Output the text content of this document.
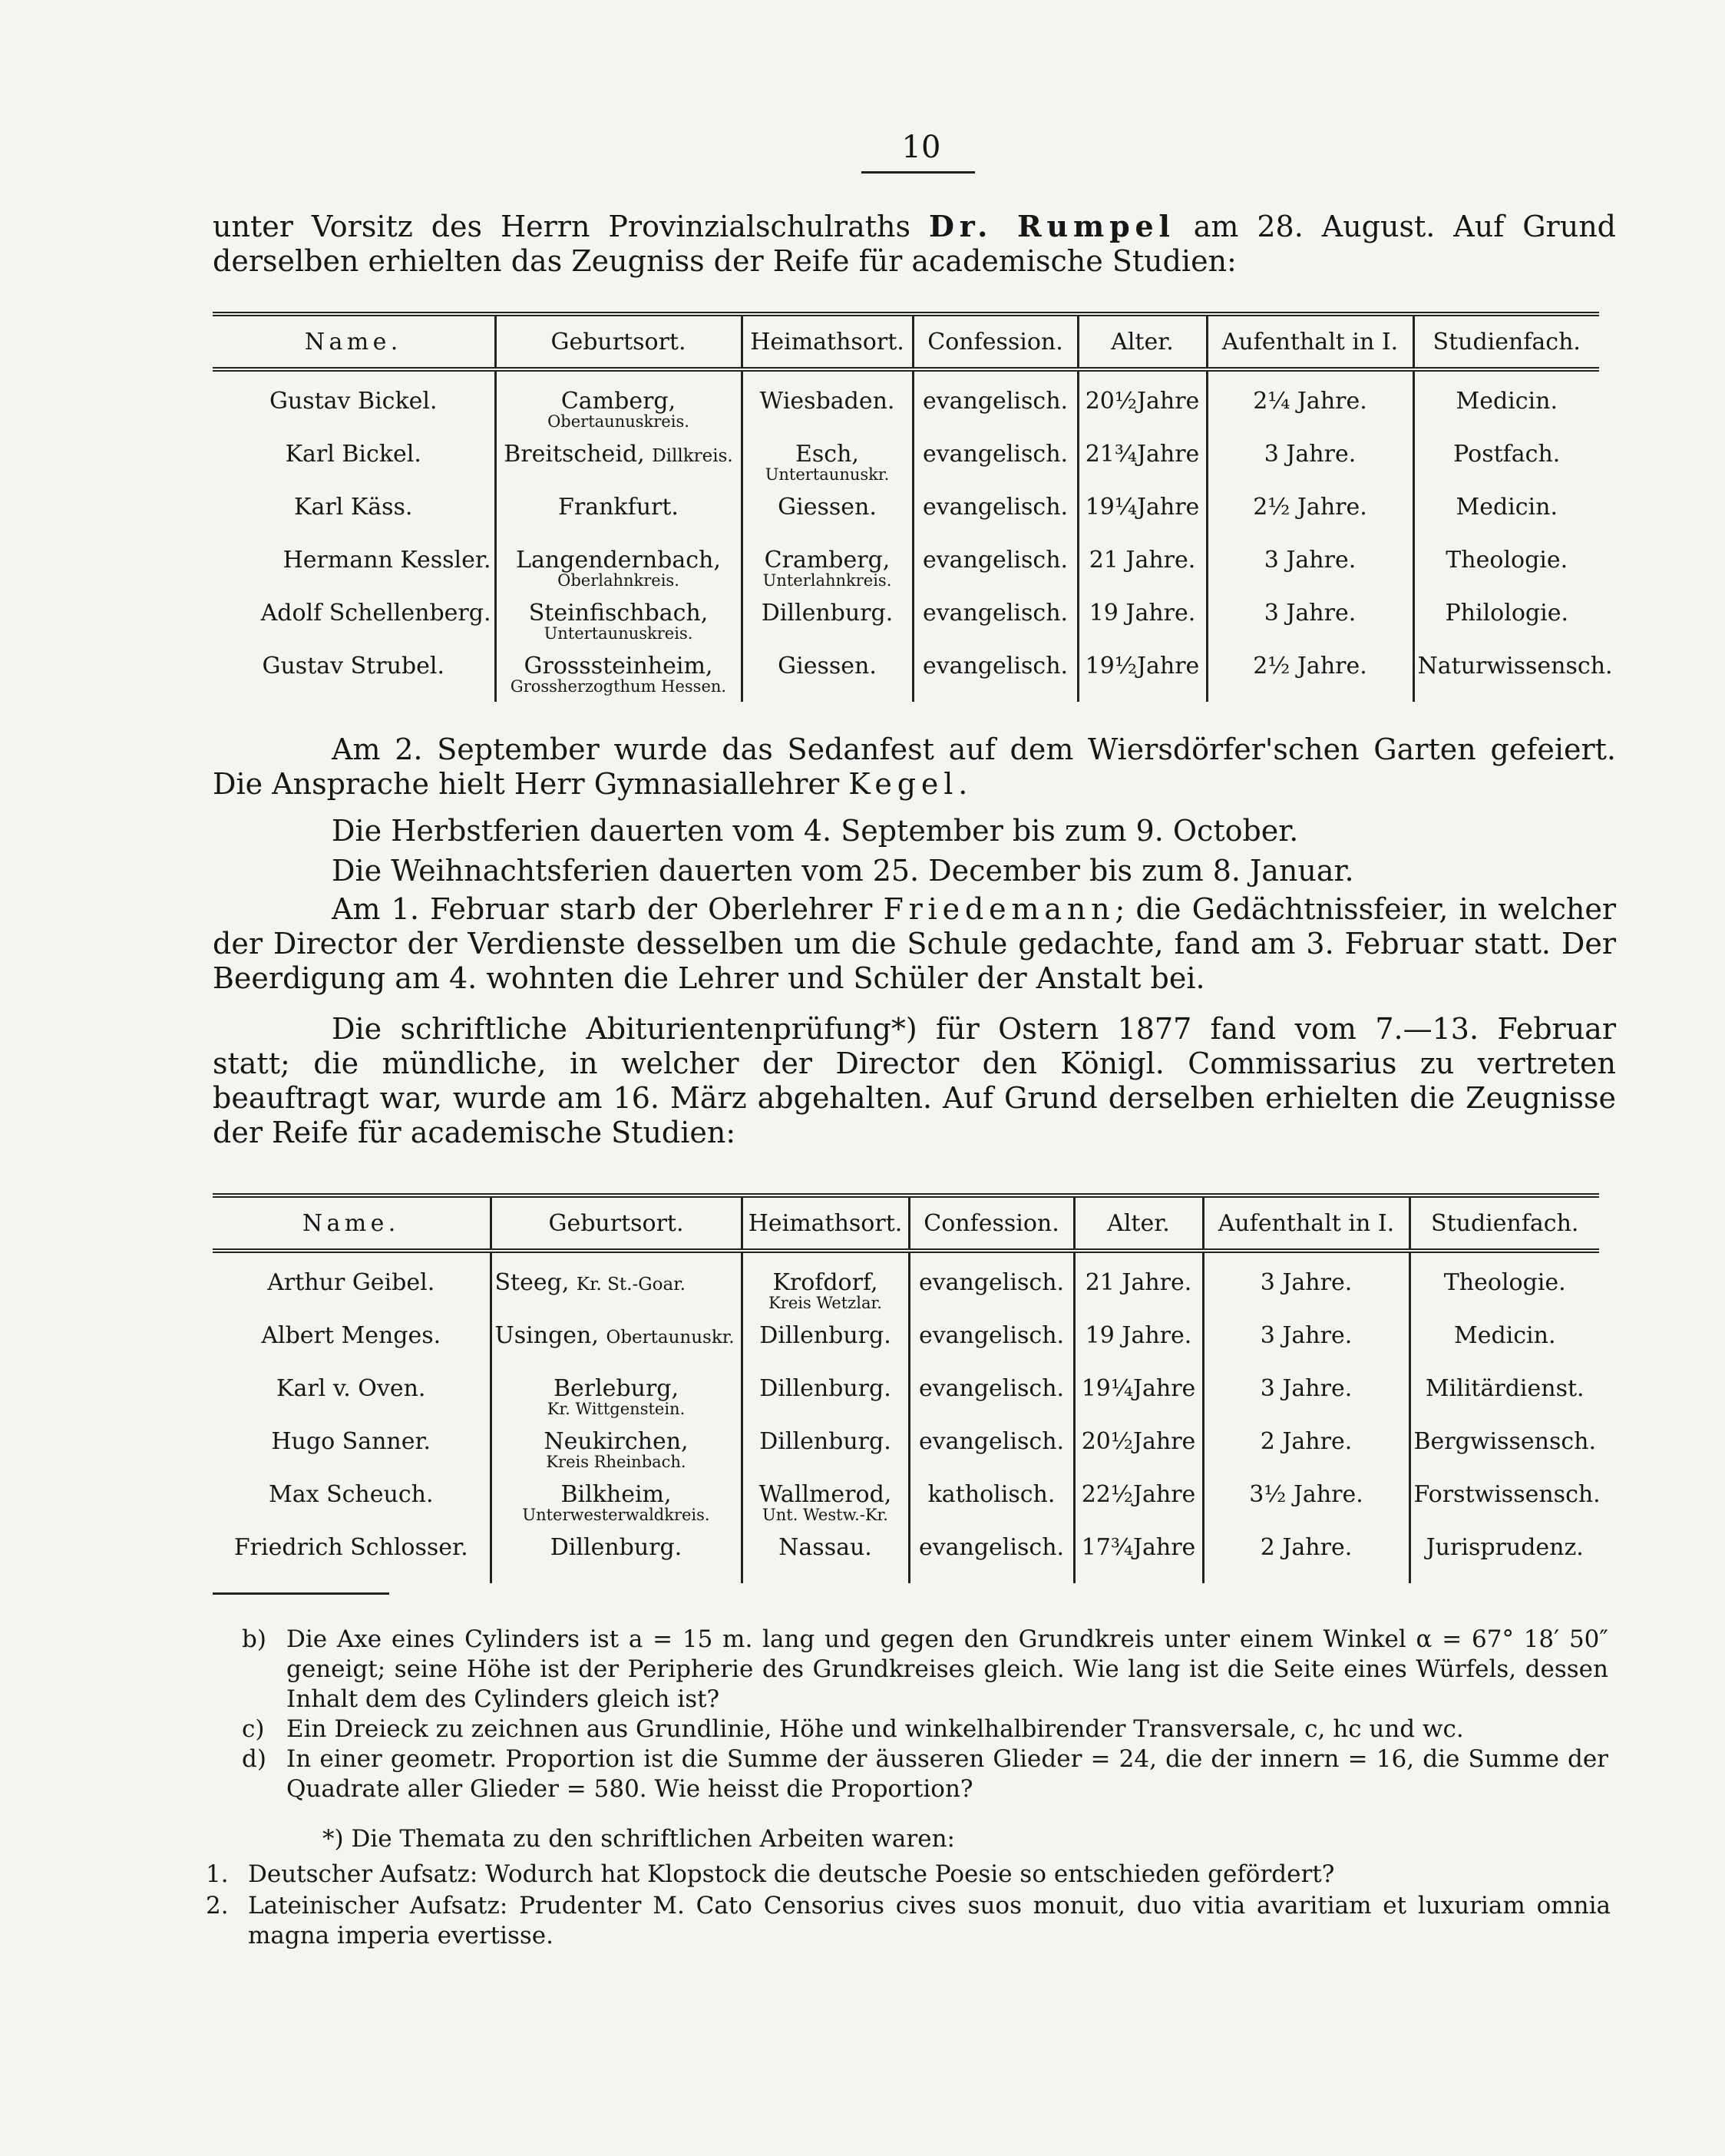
10

unter Vorsitz des Herrn Provinzialschulraths Dr. Rumpel am 28. August. Auf Grund derselben erhielten das Zeugniss der Reife für academische Studien:

Name.	Geburtsort.	Heimathsort.	Confession.	Alter.	Aufenthalt in I.	Studienfach.
Gustav Bickel.	Camberg,
Obertaunuskreis.	Wiesbaden.	evangelisch.	20½Jahre	2¼ Jahre.	Medicin.
Karl Bickel.	Breitscheid, Dillkreis.	Esch,
Untertaunuskr.	evangelisch.	21¾Jahre	3 Jahre.	Postfach.
Karl Käss.	Frankfurt.	Giessen.	evangelisch.	19¼Jahre	2½ Jahre.	Medicin.
Hermann Kessler.	Langendernbach,
Oberlahnkreis.	Cramberg,
Unterlahnkreis.	evangelisch.	21 Jahre.	3 Jahre.	Theologie.
Adolf Schellenberg.	Steinfischbach,
Untertaunuskreis.	Dillenburg.	evangelisch.	19 Jahre.	3 Jahre.	Philologie.
Gustav Strubel.	Grosssteinheim,
Grossherzogthum Hessen.	Giessen.	evangelisch.	19½Jahre	2½ Jahre.	Naturwissensch.

Am 2. September wurde das Sedanfest auf dem Wiersdörfer'schen Garten gefeiert. Die Ansprache hielt Herr Gymnasiallehrer Kegel.

Die Herbstferien dauerten vom 4. September bis zum 9. October.

Die Weihnachtsferien dauerten vom 25. December bis zum 8. Januar.

Am 1. Februar starb der Oberlehrer Friedemann; die Gedächtnissfeier, in welcher der Director der Verdienste desselben um die Schule gedachte, fand am 3. Februar statt. Der Beerdigung am 4. wohnten die Lehrer und Schüler der Anstalt bei.

Die schriftliche Abiturientenprüfung*) für Ostern 1877 fand vom 7.—13. Februar statt; die mündliche, in welcher der Director den Königl. Commissarius zu vertreten beauftragt war, wurde am 16. März abgehalten. Auf Grund derselben erhielten die Zeugnisse der Reife für academische Studien:

Name.	Geburtsort.	Heimathsort.	Confession.	Alter.	Aufenthalt in I.	Studienfach.
Arthur Geibel.	Steeg, Kr. St.-Goar.	Krofdorf,
Kreis Wetzlar.	evangelisch.	21 Jahre.	3 Jahre.	Theologie.
Albert Menges.	Usingen, Obertaunuskr.	Dillenburg.	evangelisch.	19 Jahre.	3 Jahre.	Medicin.
Karl v. Oven.	Berleburg,
Kr. Wittgenstein.	Dillenburg.	evangelisch.	19¼Jahre	3 Jahre.	Militärdienst.
Hugo Sanner.	Neukirchen,
Kreis Rheinbach.	Dillenburg.	evangelisch.	20½Jahre	2 Jahre.	Bergwissensch.
Max Scheuch.	Bilkheim,
Unterwesterwaldkreis.	Wallmerod,
Unt. Westw.-Kr.	katholisch.	22½Jahre	3½ Jahre.	Forstwissensch.
Friedrich Schlosser.	Dillenburg.	Nassau.	evangelisch.	17¾Jahre	2 Jahre.	Jurisprudenz.

b) Die Axe eines Cylinders ist a = 15 m. lang und gegen den Grundkreis unter einem Winkel α = 67° 18′ 50″ geneigt; seine Höhe ist der Peripherie des Grundkreises gleich. Wie lang ist die Seite eines Würfels, dessen Inhalt dem des Cylinders gleich ist?

c) Ein Dreieck zu zeichnen aus Grundlinie, Höhe und winkelhalbirender Transversale, c, hc und wc.

d) In einer geometr. Proportion ist die Summe der äusseren Glieder = 24, die der innern = 16, die Summe der Quadrate aller Glieder = 580. Wie heisst die Proportion?

*) Die Themata zu den schriftlichen Arbeiten waren:

1. Deutscher Aufsatz: Wodurch hat Klopstock die deutsche Poesie so entschieden gefördert?

2. Lateinischer Aufsatz: Prudenter M. Cato Censorius cives suos monuit, duo vitia avaritiam et luxuriam omnia magna imperia evertisse.
